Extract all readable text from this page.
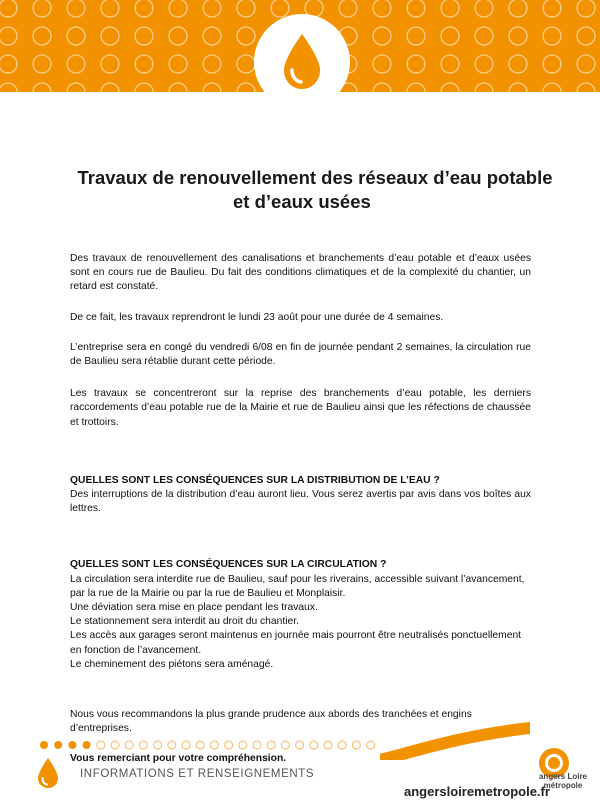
Travaux de renouvellement des réseaux d’eau potable
et d’eaux usées

Des travaux de renouvellement des canalisations et branchements d’eau potable et d’eaux usées sont en cours rue de Baulieu. Du fait des conditions climatiques et de la complexité du chantier, un retard est constaté.

De ce fait, les travaux reprendront le lundi 23 août pour une durée de 4 semaines.

L’entreprise sera en congé du vendredi 6/08 en fin de journée pendant 2 semaines, la circulation rue de Baulieu sera rétablie durant cette période.

Les travaux se concentreront sur la reprise des branchements d’eau potable, les derniers raccordements d’eau potable rue de la Mairie et rue de Baulieu ainsi que les réfections de chaussée et trottoirs.

QUELLES SONT LES CONSÉQUENCES SUR LA DISTRIBUTION DE L’EAU ?

Des interruptions de la distribution d’eau auront lieu. Vous serez avertis par avis dans vos boîtes aux lettres.

QUELLES SONT LES CONSÉQUENCES SUR LA CIRCULATION ?

La circulation sera interdite rue de Baulieu, sauf pour les riverains, accessible suivant l’avancement, par la rue de la Mairie ou par la rue de Baulieu et Monplaisir.

Une déviation sera mise en place pendant les travaux.

Le stationnement sera interdit au droit du chantier.

Les accès aux garages seront maintenus en journée mais pourront être neutralisés ponctuellement en fonction de l’avancement.

Le cheminement des piétons sera aménagé.

Nous vous recommandons la plus grande prudence aux abords des tranchées et engins d’entreprises.

Vous remerciant pour votre compréhension.

INFORMATIONS ET RENSEIGNEMENTS
angersloiremetropole.fr
angers Loire
métropole
